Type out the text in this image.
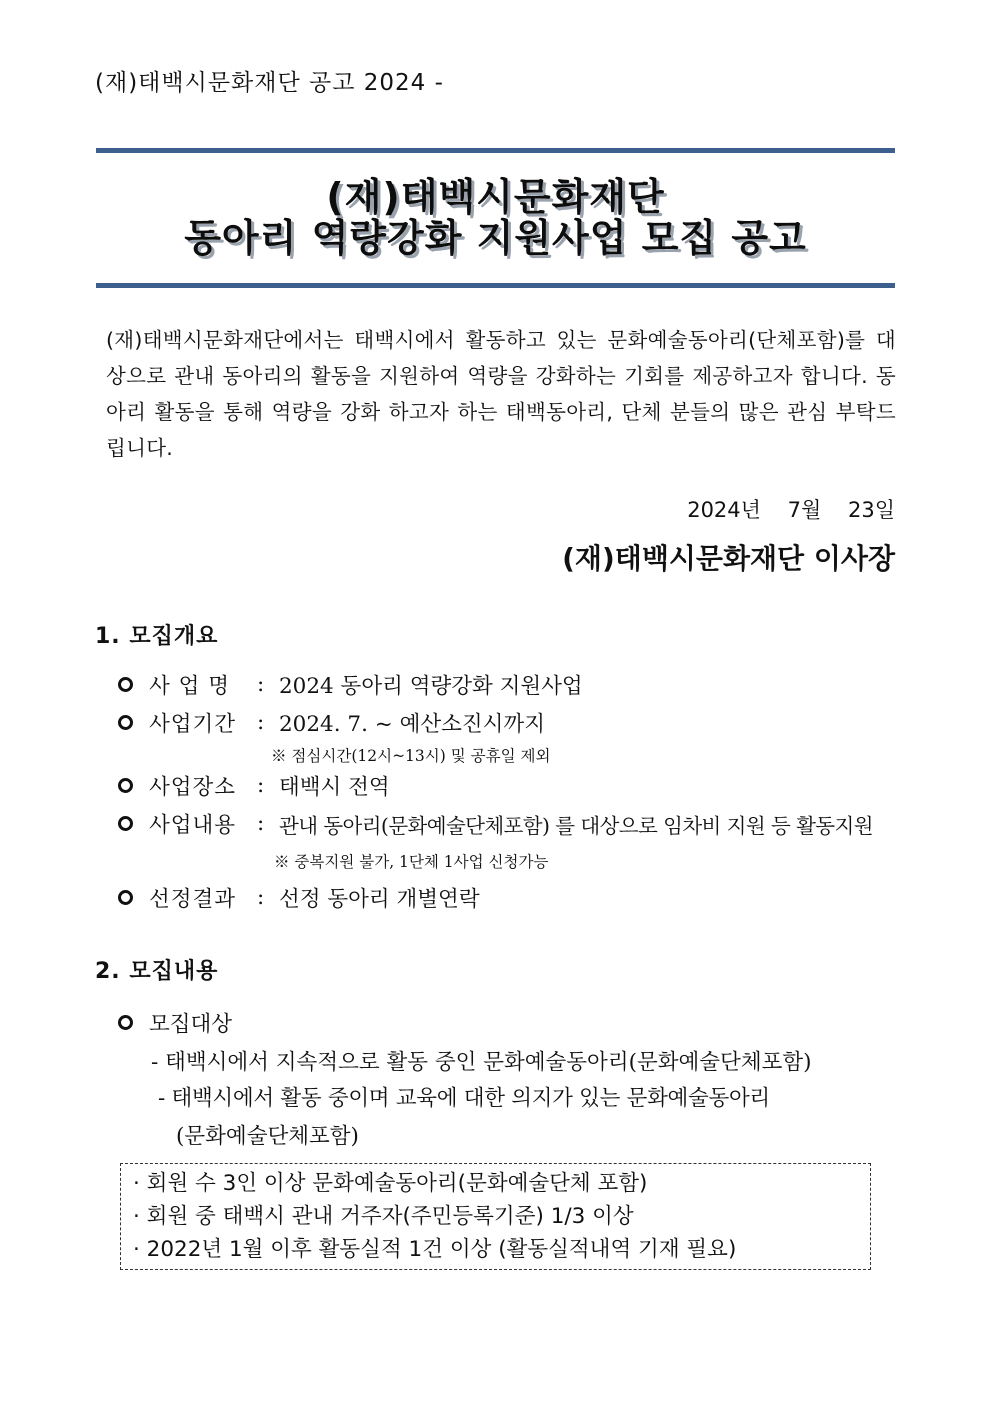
(재)태백시문화재단 공고 2024 -
(재)태백시문화재단
동아리 역량강화 지원사업 모집 공고
(재)태백시문화재단에서는 태백시에서 활동하고 있는 문화예술동아리(단체포함)를 대상으로 관내 동아리의 활동을 지원하여 역량을 강화하는 기회를 제공하고자 합니다. 동아리 활동을 통해 역량을 강화 하고자 하는 태백동아리, 단체 분들의 많은 관심 부탁드립니다.
2024년    7월    23일
(재)태백시문화재단 이사장
1. 모집개요
사 업 명	: 2024 동아리 역량강화 지원사업
사업기간 : 2024. 7. ~ 예산소진시까지
※ 점심시간(12시~13시) 및 공휴일 제외
사업장소 : 태백시 전역
사업내용 : 관내 동아리(문화예술단체포함) 를 대상으로 임차비 지원 등 활동지원
※ 중복지원 불가, 1단체 1사업 신청가능
선정결과 : 선정 동아리 개별연락
2. 모집내용
모집대상
- 태백시에서 지속적으로 활동 중인 문화예술동아리(문화예술단체포함)
- 태백시에서 활동 중이며 교육에 대한 의지가 있는 문화예술동아리
(문화예술단체포함)
· 회원 수 3인 이상 문화예술동아리(문화예술단체 포함)
· 회원 중 태백시 관내 거주자(주민등록기준) 1/3 이상
· 2022년 1월 이후 활동실적 1건 이상 (활동실적내역 기재 필요)
